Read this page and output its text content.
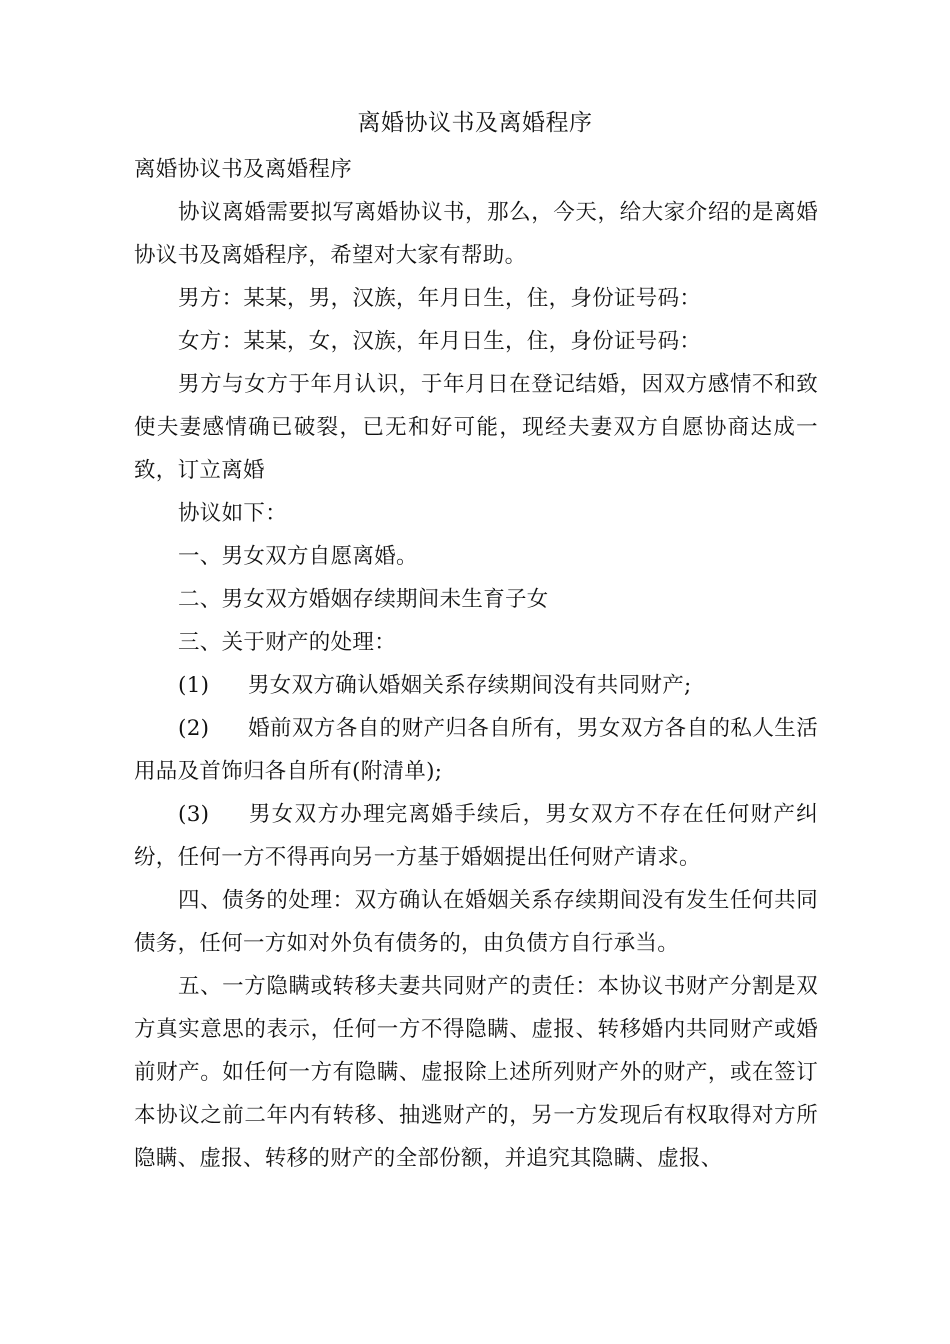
离婚协议书及离婚程序

离婚协议书及离婚程序

协议离婚需要拟写离婚协议书，那么，今天，给大家介绍的是离婚协议书及离婚程序，希望对大家有帮助。

男方：某某，男，汉族，年月日生，住，身份证号码：

女方：某某，女，汉族，年月日生，住，身份证号码：

男方与女方于年月认识，于年月日在登记结婚，因双方感情不和致使夫妻感情确已破裂，已无和好可能，现经夫妻双方自愿协商达成一致，订立离婚

协议如下：

一、男女双方自愿离婚。

二、男女双方婚姻存续期间未生育子女

三、关于财产的处理：

(1) 男女双方确认婚姻关系存续期间没有共同财产;

(2) 婚前双方各自的财产归各自所有，男女双方各自的私人生活用品及首饰归各自所有(附清单);

(3) 男女双方办理完离婚手续后，男女双方不存在任何财产纠纷，任何一方不得再向另一方基于婚姻提出任何财产请求。

四、债务的处理：双方确认在婚姻关系存续期间没有发生任何共同债务，任何一方如对外负有债务的，由负债方自行承当。

五、一方隐瞒或转移夫妻共同财产的责任：本协议书财产分割是双方真实意思的表示，任何一方不得隐瞒、虚报、转移婚内共同财产或婚前财产。如任何一方有隐瞒、虚报除上述所列财产外的财产，或在签订本协议之前二年内有转移、抽逃财产的，另一方发现后有权取得对方所隐瞒、虚报、转移的财产的全部份额，并追究其隐瞒、虚报、
